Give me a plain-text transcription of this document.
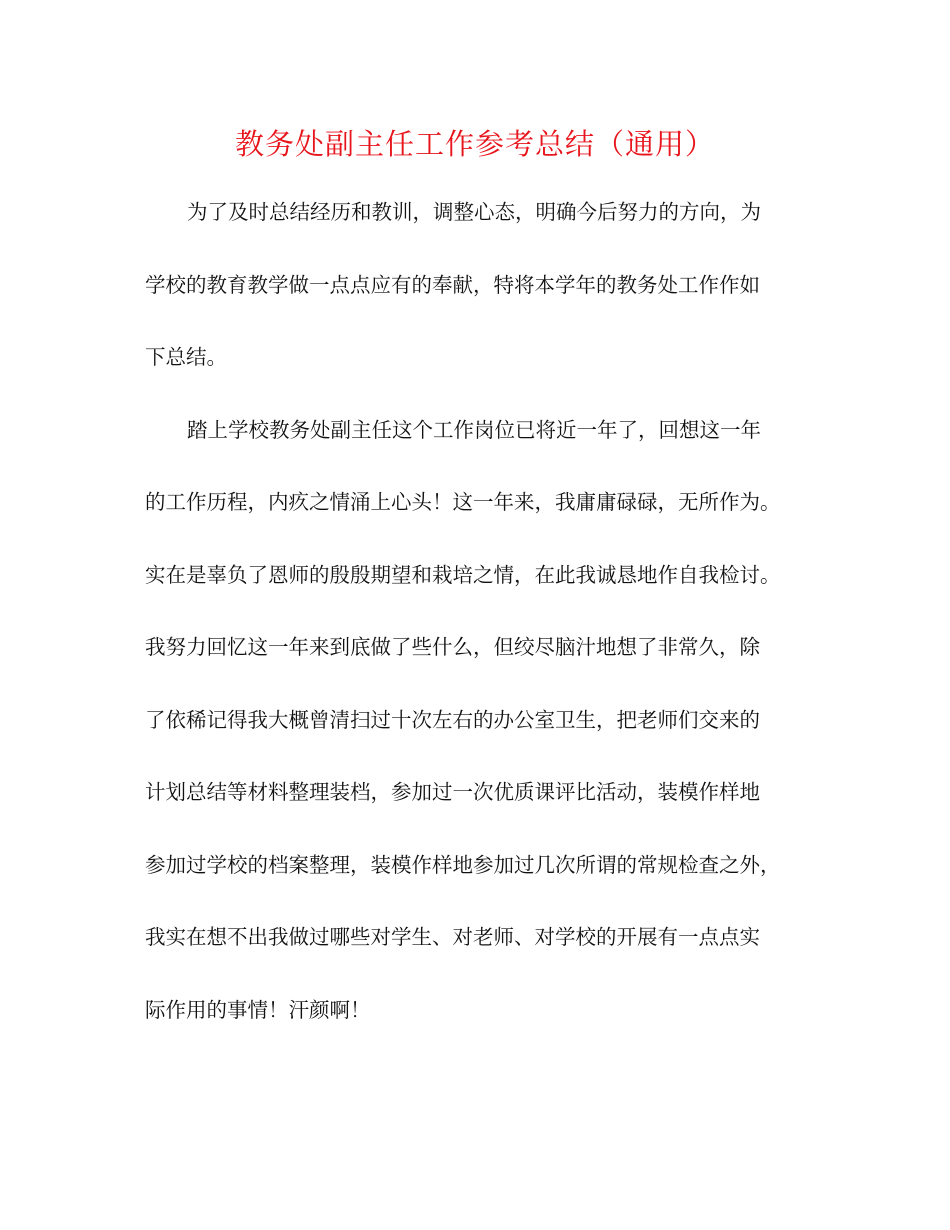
教务处副主任工作参考总结（通用）
为了及时总结经历和教训，调整心态，明确今后努力的方向，为
学校的教育教学做一点点应有的奉献，特将本学年的教务处工作作如
下总结。
踏上学校教务处副主任这个工作岗位已将近一年了，回想这一年
的工作历程，内疚之情涌上心头！这一年来，我庸庸碌碌，无所作为。
实在是辜负了恩师的殷殷期望和栽培之情，在此我诚恳地作自我检讨。
我努力回忆这一年来到底做了些什么，但绞尽脑汁地想了非常久，除
了依稀记得我大概曾清扫过十次左右的办公室卫生，把老师们交来的
计划总结等材料整理装档，参加过一次优质课评比活动，装模作样地
参加过学校的档案整理，装模作样地参加过几次所谓的常规检查之外，
我实在想不出我做过哪些对学生、对老师、对学校的开展有一点点实
际作用的事情！汗颜啊！
